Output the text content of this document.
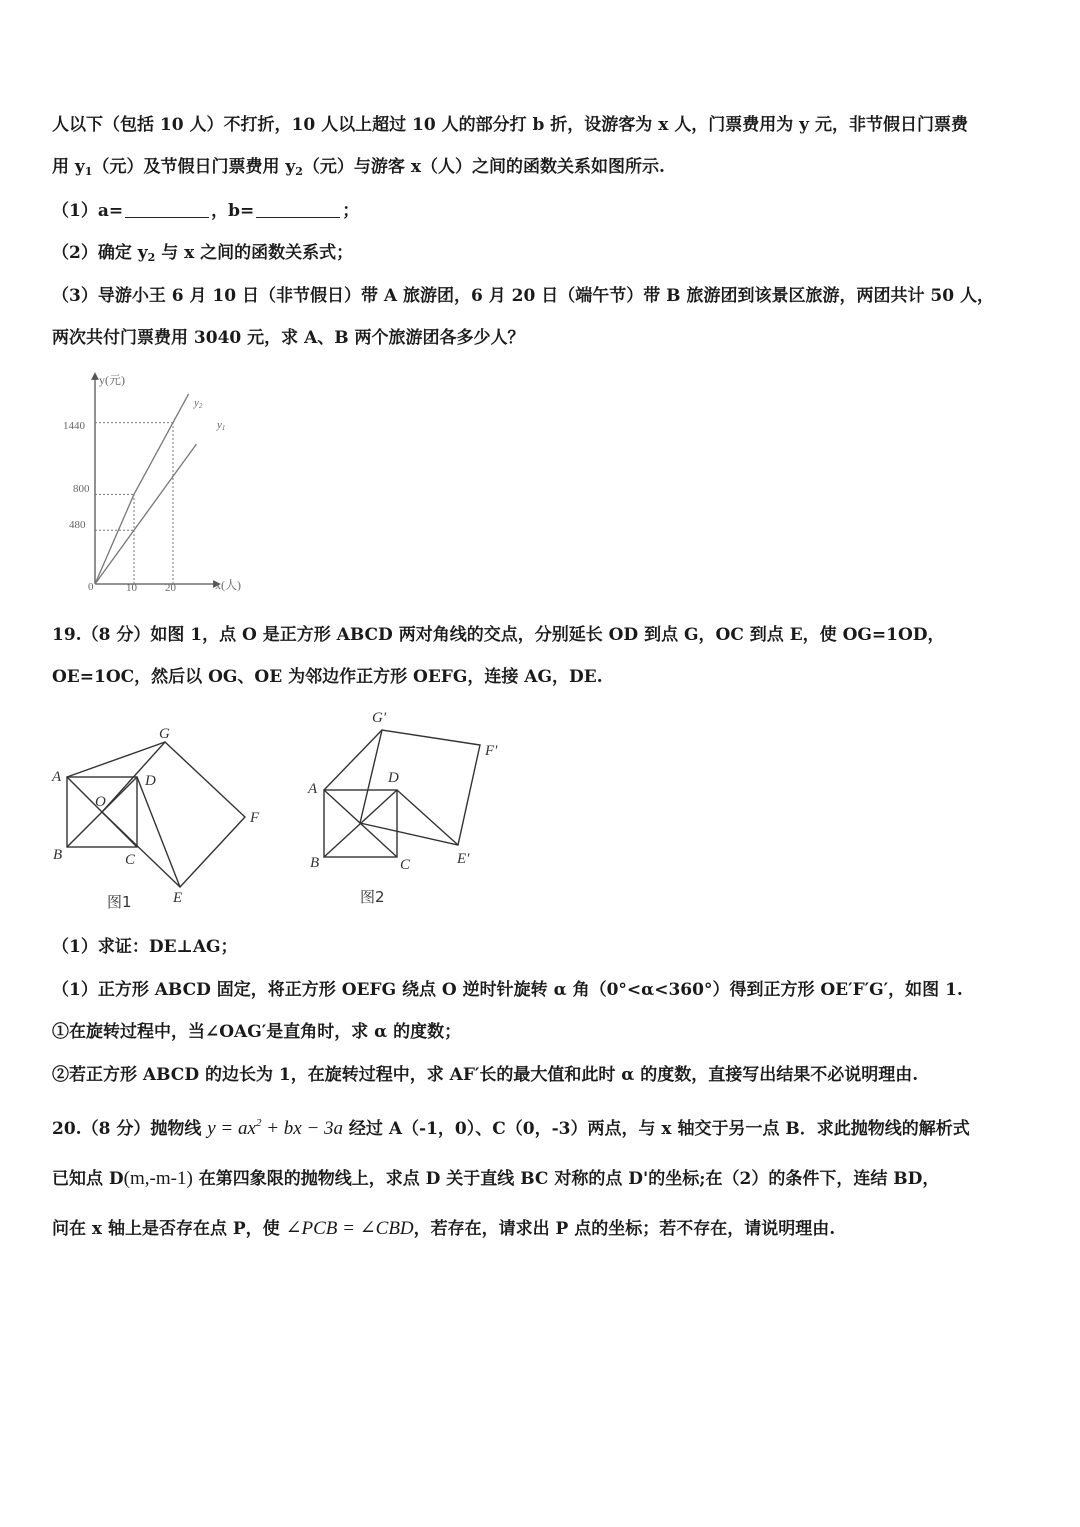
人以下（包括 10 人）不打折，10 人以上超过 10 人的部分打 b 折，设游客为 x 人，门票费用为 y 元，非节假日门票费
用 $y_1$（元）及节假日门票费用 $y_2$（元）与游客 x（人）之间的函数关系如图所示.
（1）a=	，b=	；
（2）确定 $y_2$ 与 x 之间的函数关系式；
（3）导游小王 6 月 10 日（非节假日）带 A 旅游团，6 月 20 日（端午节）带 B 旅游团到该景区旅游，两团共计 50 人，
两次共付门票费用 3040 元，求 A、B 两个旅游团各多少人？
y(元)
x(人)
0	10	20
480
800
1440
y2
y1
19.（8 分）如图 1，点 O 是正方形 ABCD 两对角线的交点，分别延长 OD 到点 G，OC 到点 E，使 OG=1OD，
OE=1OC，然后以 OG、OE 为邻边作正方形 OEFG，连接 AG，DE.
A
B	C
D
O
G
E
F
图1
A
B	C
D
G′
E′
F′
图2
（1）求证：DE⊥AG；
（1）正方形 ABCD 固定，将正方形 OEFG 绕点 O 逆时针旋转 α 角（0°<α<360°）得到正方形 OE′F′G′，如图 1.
①在旋转过程中，当∠OAG′是直角时，求 α 的度数；
②若正方形 ABCD 的边长为 1，在旋转过程中，求 AF′长的最大值和此时 α 的度数，直接写出结果不必说明理由.
20.（8 分）抛物线 $y = ax^2$ + bx − 3a 经过 A（-1，0）、C（0，-3）两点，与 x 轴交于另一点 B．求此抛物线的解析式
已知点 D(m,-m-1) 在第四象限的抛物线上，求点 D 关于直线 BC 对称的点 D'的坐标;在（2）的条件下，连结 BD，
问在 x 轴上是否存在点 P，使 ∠PCB = ∠CBD，若存在，请求出 P 点的坐标；若不存在，请说明理由.
